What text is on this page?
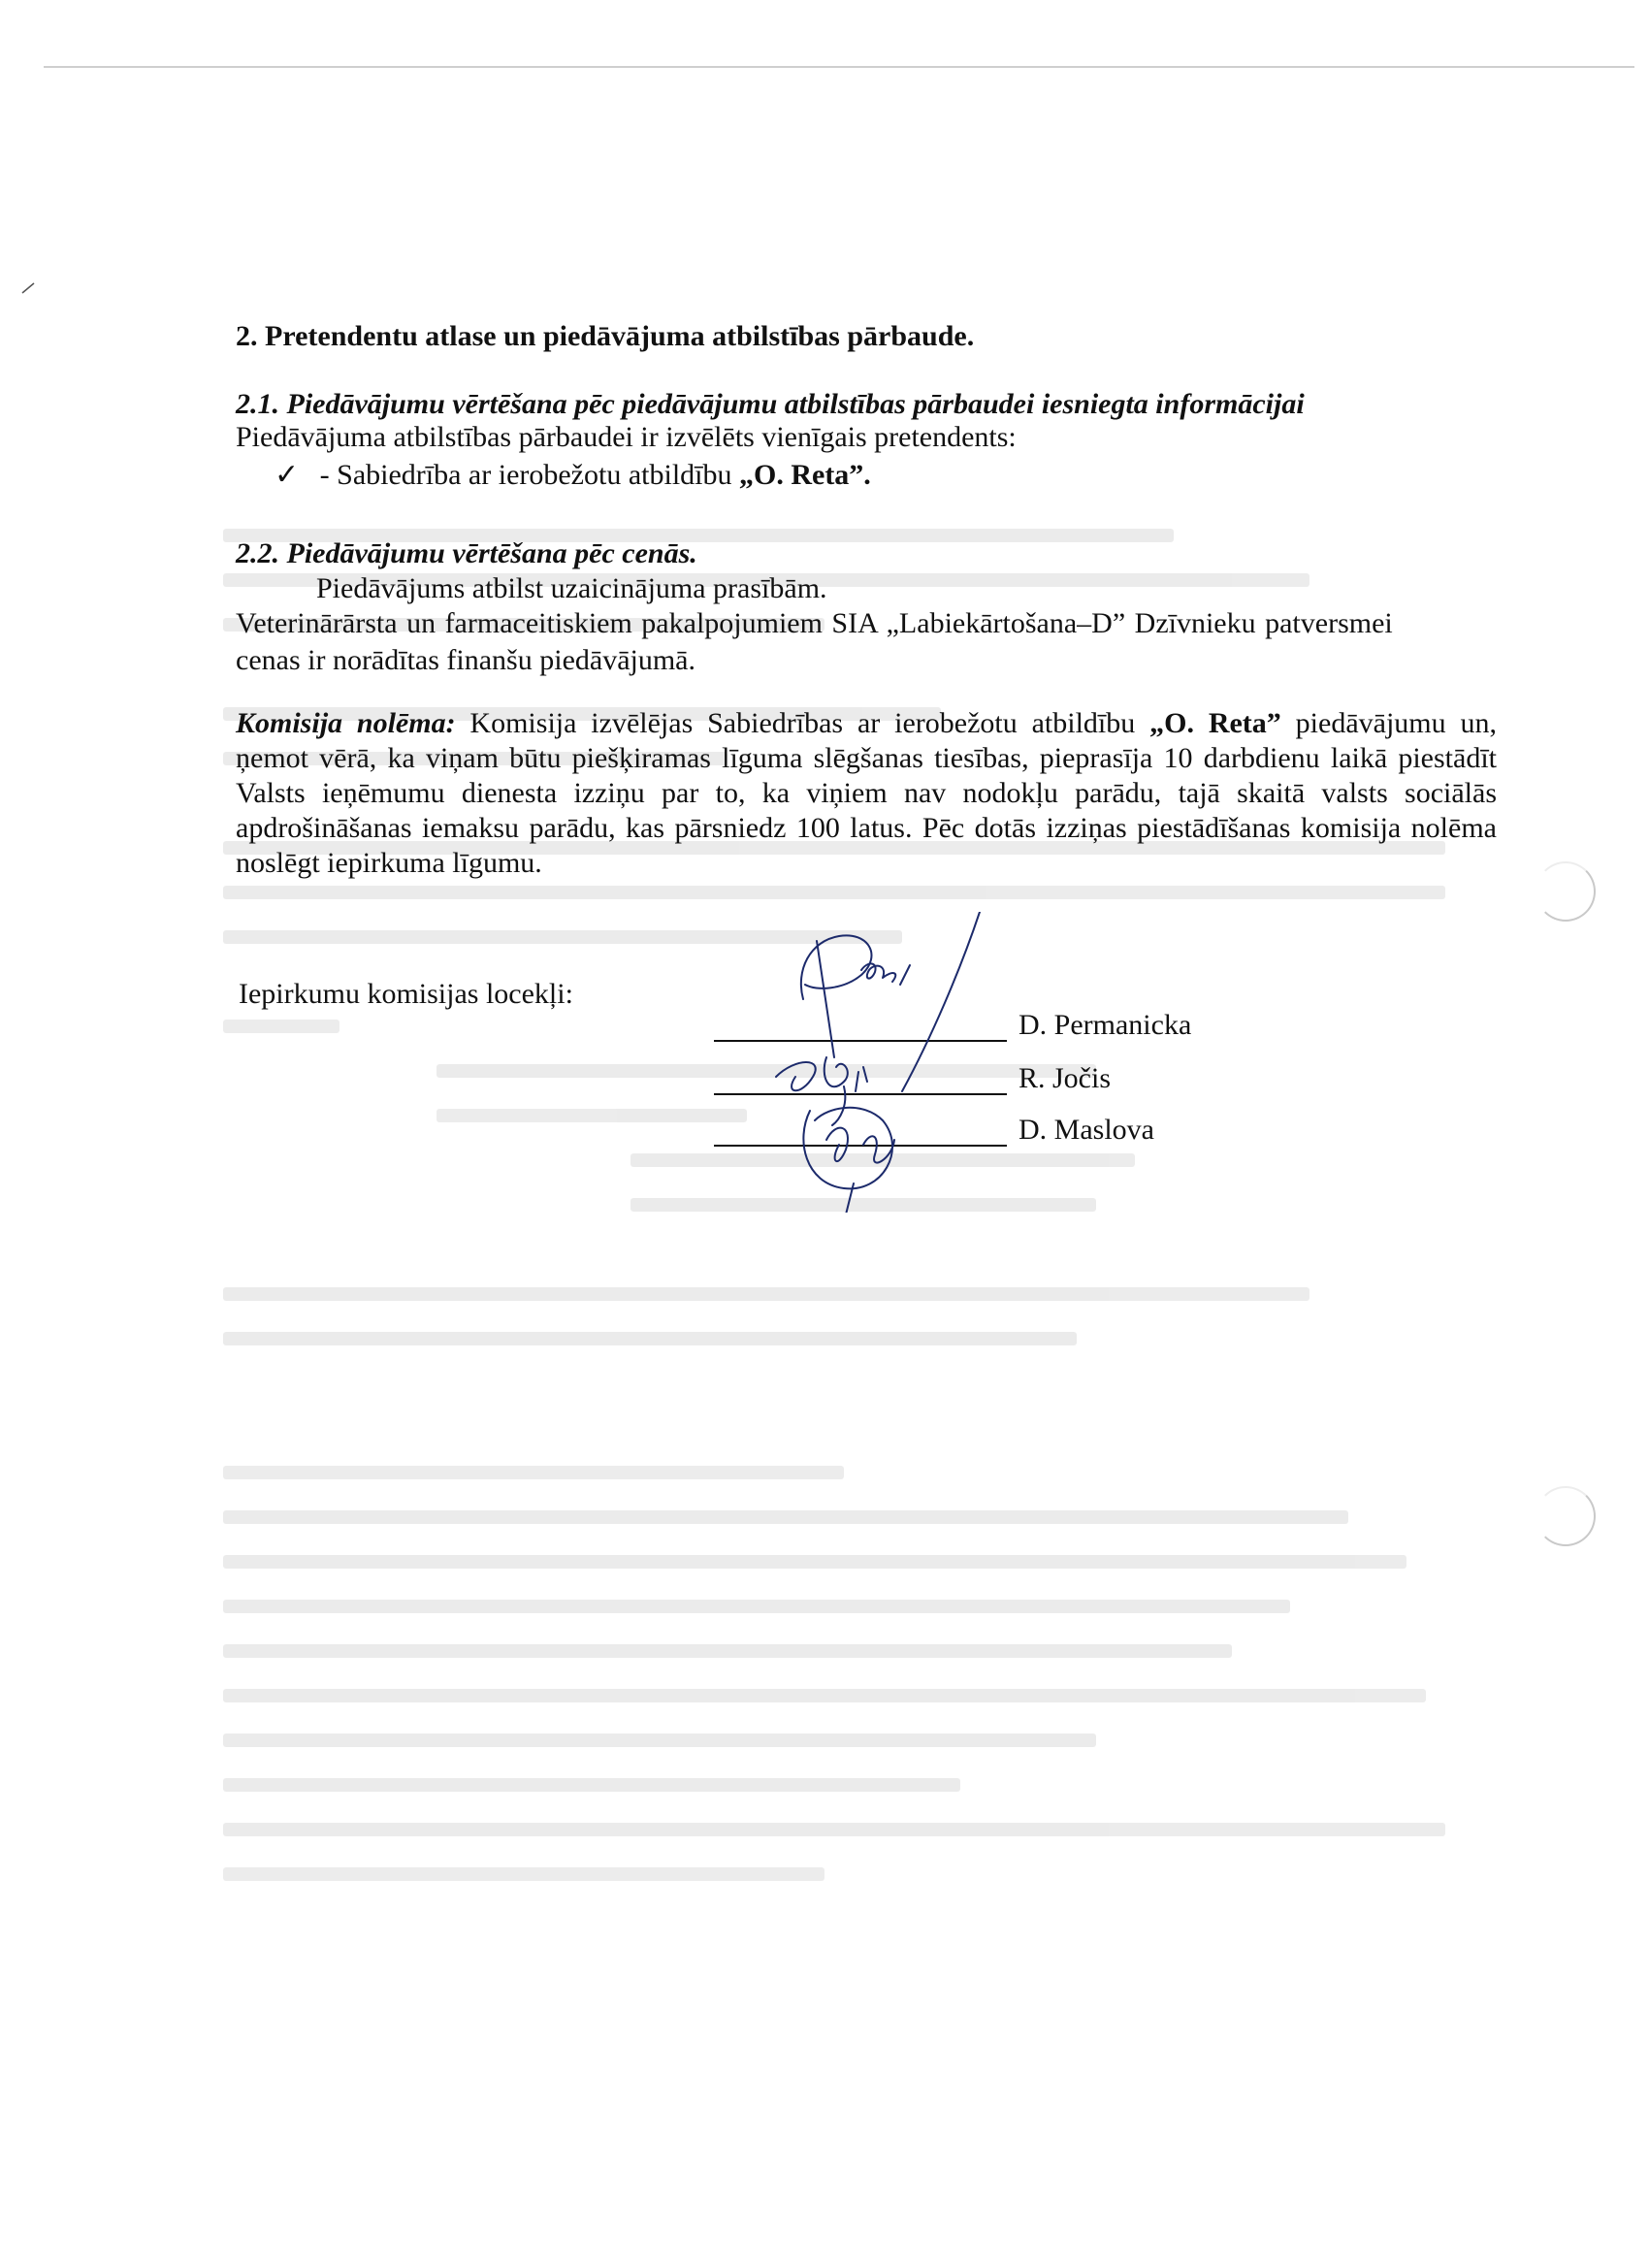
2. Pretendentu atlase un piedāvājuma atbilstības pārbaude.
2.1. Piedāvājumu vērtēšana pēc piedāvājumu atbilstības pārbaudei iesniegta informācijai
Piedāvājuma atbilstības pārbaudei ir izvēlēts vienīgais pretendents:
✓ - Sabiedrība ar ierobežotu atbildību „O. Reta”.
2.2. Piedāvājumu vērtēšana pēc cenās.
Piedāvājums atbilst uzaicinājuma prasībām.
Veterinārārsta un farmaceitiskiem pakalpojumiem SIA „Labiekārtošana–D” Dzīvnieku patversmei
cenas ir norādītas finanšu piedāvājumā.
Komisija nolēma: Komisija izvēlējas Sabiedrības ar ierobežotu atbildību „O. Reta” piedāvājumu un, ņemot vērā, ka viņam būtu piešķiramas līguma slēgšanas tiesības, pieprasīja 10 darbdienu laikā piestādīt Valsts ieņēmumu dienesta izziņu par to, ka viņiem nav nodokļu parādu, tajā skaitā valsts sociālās apdrošināšanas iemaksu parādu, kas pārsniedz 100 latus. Pēc dotās izziņas piestādīšanas komisija nolēma noslēgt iepirkuma līgumu.
Iepirkumu komisijas locekļi:
D. Permanicka
R. Jočis
D. Maslova
